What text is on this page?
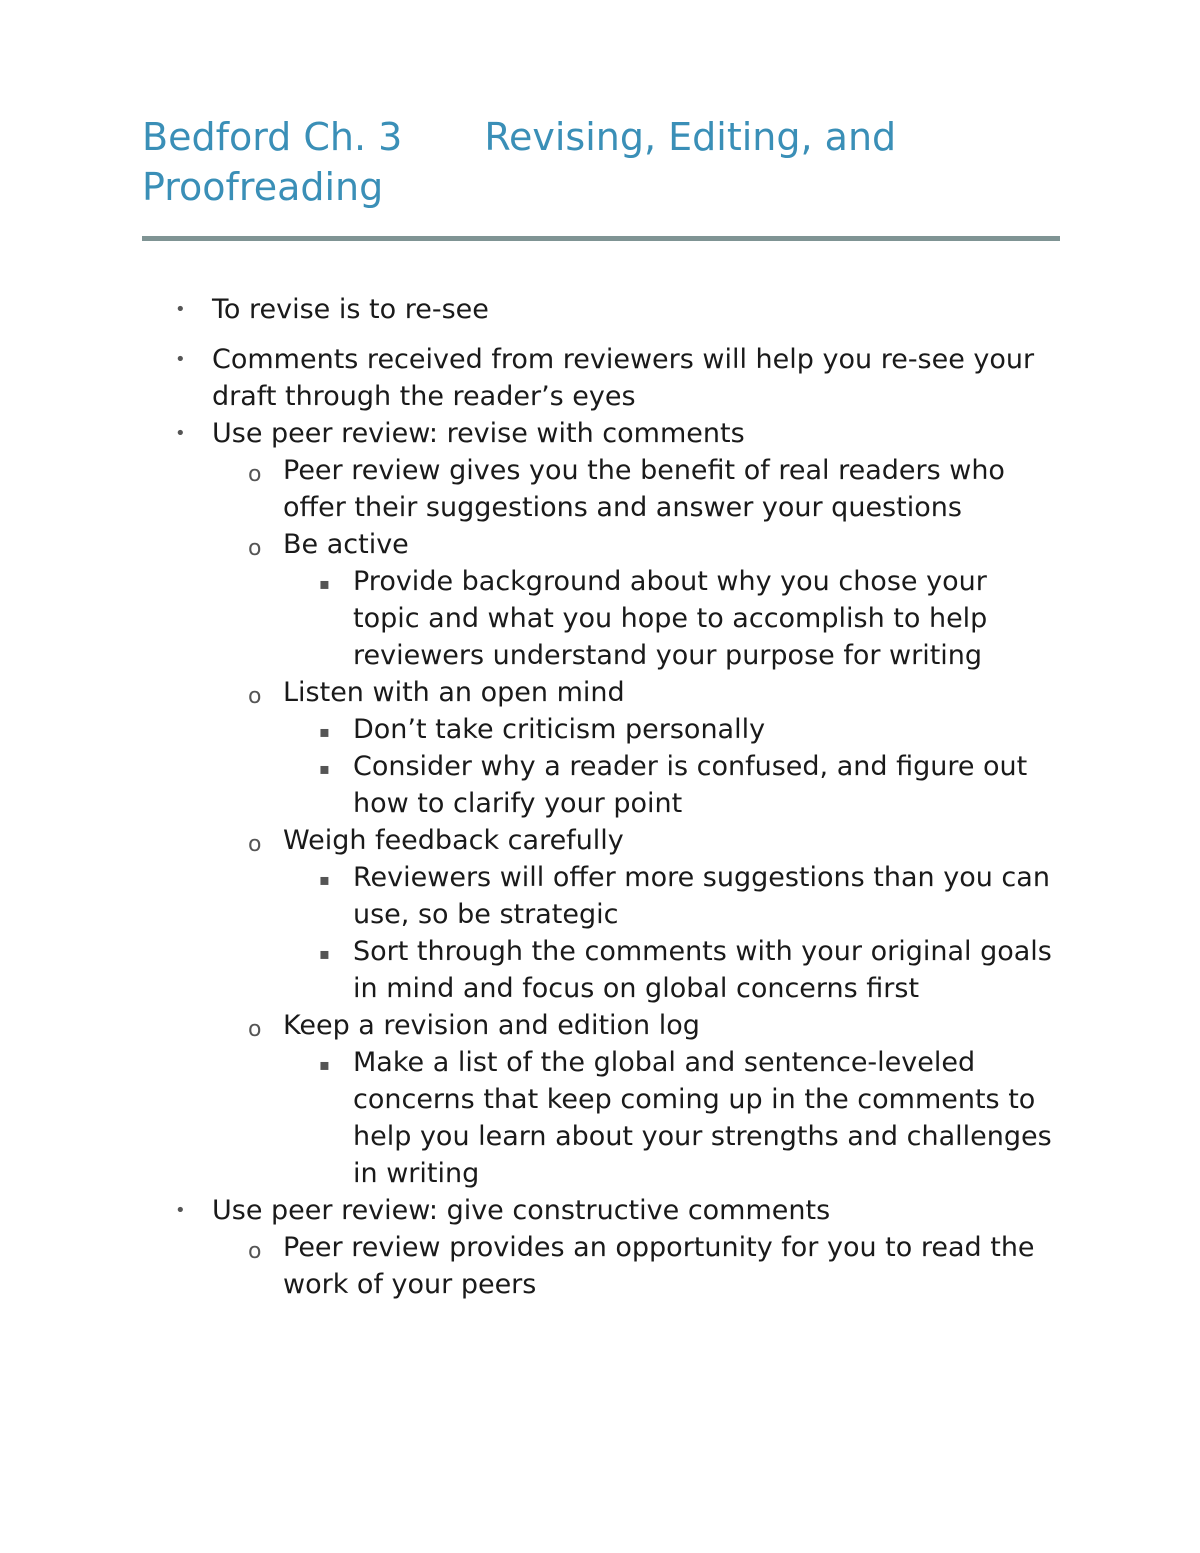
Bedford Ch. 3 Revising, Editing, and
Proofreading
• To revise is to re-see
• Comments received from reviewers will help you re-see your draft through the reader’s eyes
• Use peer review: revise with comments
o Peer review gives you the benefit of real readers who offer their suggestions and answer your questions
o Be active
▪ Provide background about why you chose your topic and what you hope to accomplish to help reviewers understand your purpose for writing
o Listen with an open mind
▪ Don’t take criticism personally
▪ Consider why a reader is confused, and figure out how to clarify your point
o Weigh feedback carefully
▪ Reviewers will offer more suggestions than you can use, so be strategic
▪ Sort through the comments with your original goals in mind and focus on global concerns first
o Keep a revision and edition log
▪ Make a list of the global and sentence-leveled concerns that keep coming up in the comments to help you learn about your strengths and challenges in writing
• Use peer review: give constructive comments
o Peer review provides an opportunity for you to read the work of your peers
